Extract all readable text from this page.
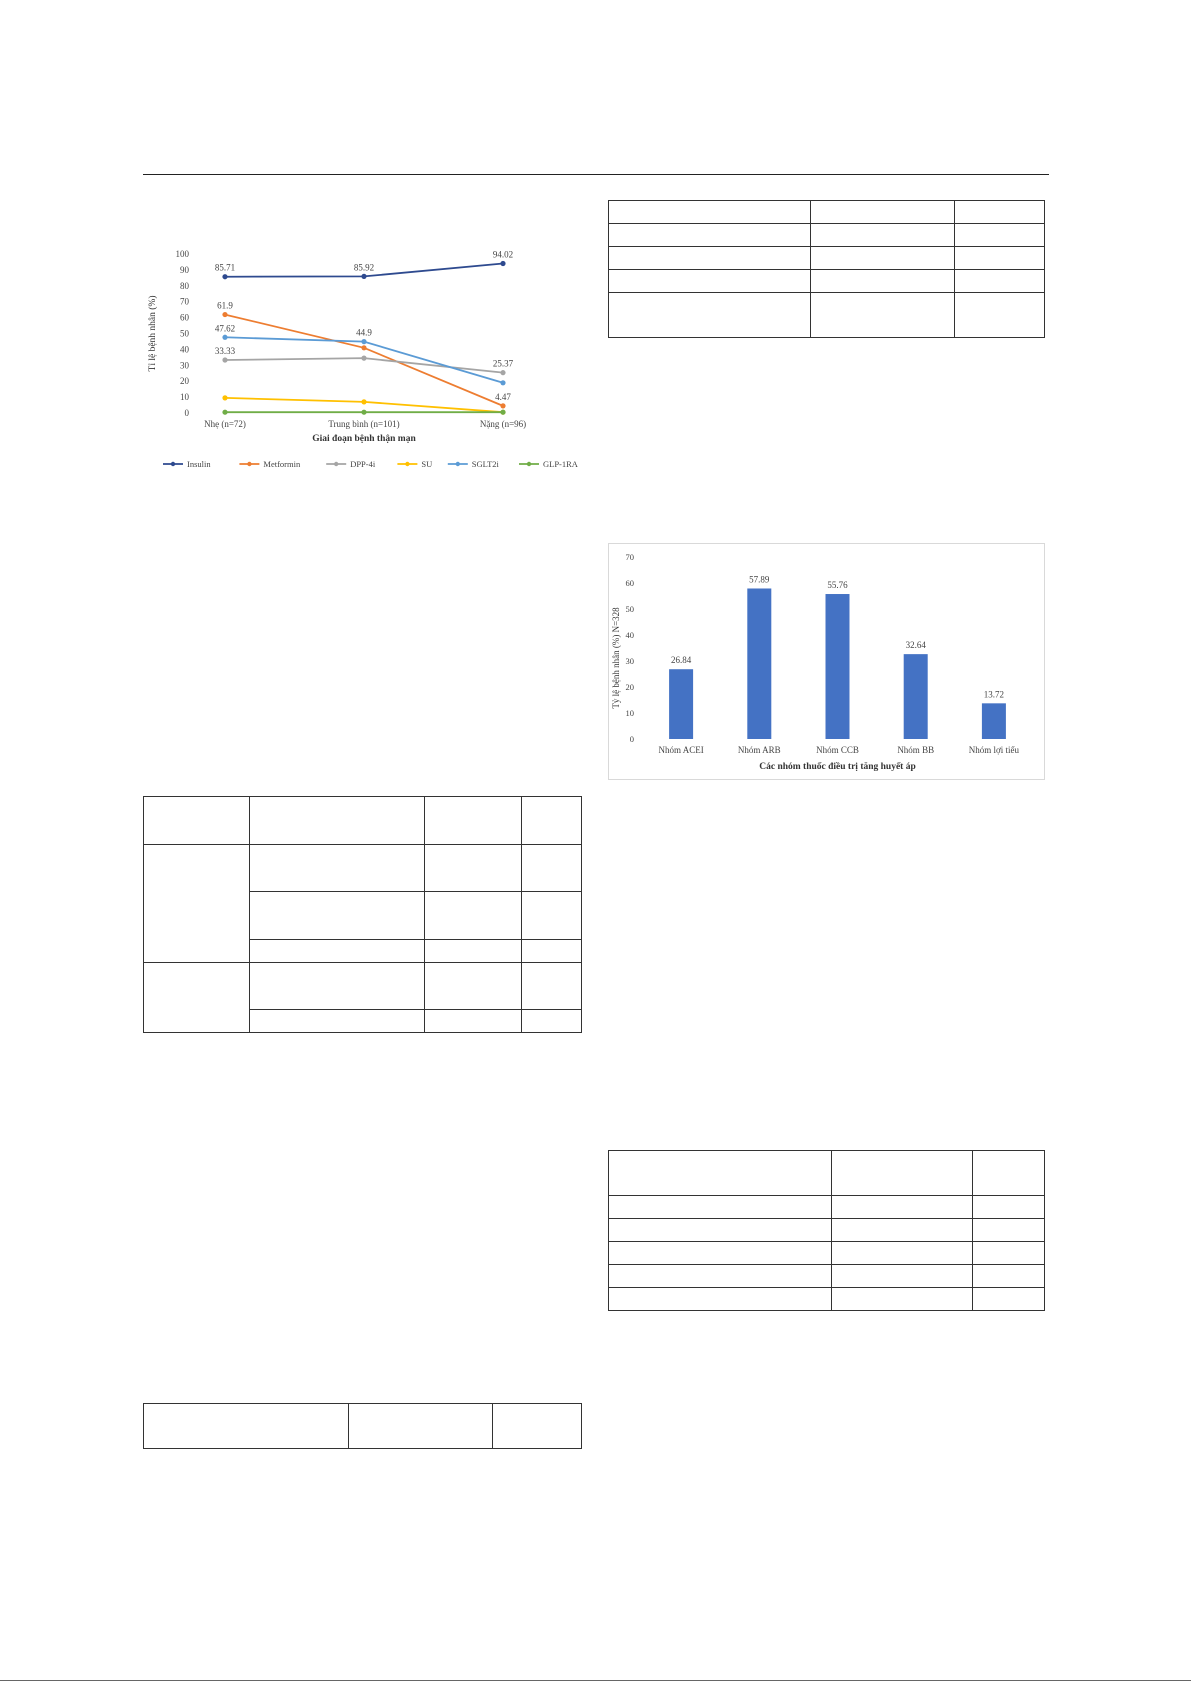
0
10
20
30
40
50
60
70
80
90
100
Nhẹ (n=72)	Trung bình (n=101)	Nặng (n=96)
Giai đoạn bệnh thận mạn
Tỉ lệ bệnh nhân (%)
85.71	85.92
94.02
61.9
4.47
33.33
25.37
47.62	44.9
Insulin	Metformin	DPP-4i	SU	SGLT2i	GLP-1RA
0
10
20
30
40
50
60
70
Nhóm ACEI	Nhóm ARB	Nhóm CCB	Nhóm BB	Nhóm lợi tiểu
Các nhóm thuốc điều trị tăng huyết áp
Tỷ lệ bệnh nhân (%) N=328	26.84
57.89
55.76
32.64
13.72
